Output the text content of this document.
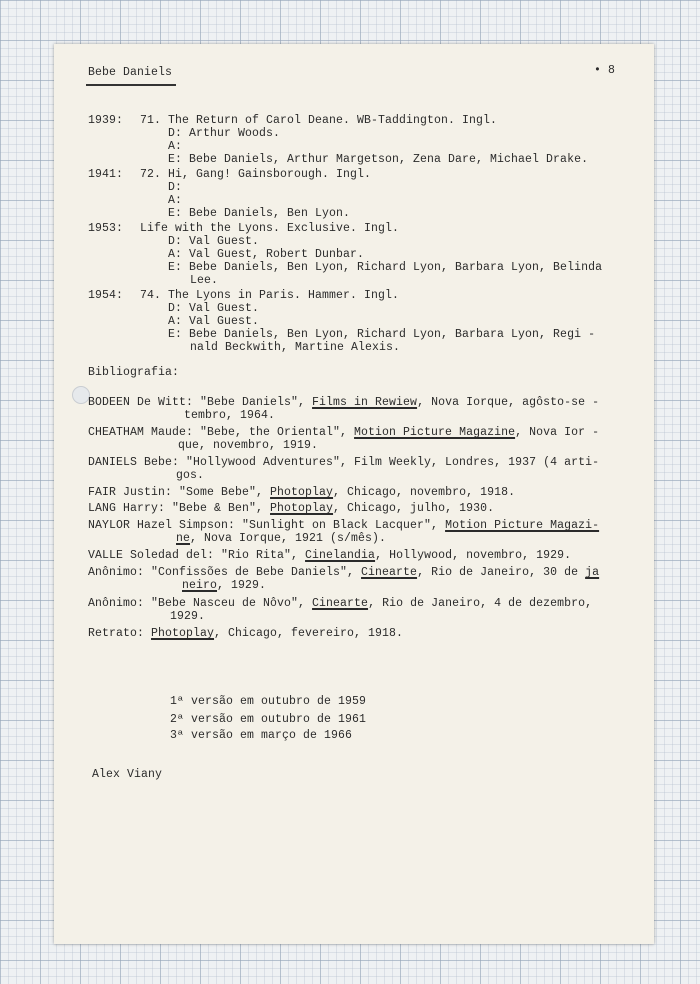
Bebe Daniels	• 8
1939: 71. The Return of Carol Deane. WB-Taddington. Ingl.
D: Arthur Woods.
A:
E: Bebe Daniels, Arthur Margetson, Zena Dare, Michael Drake.
1941: 72. Hi, Gang! Gainsborough. Ingl.
D:
A:
E: Bebe Daniels, Ben Lyon.
1953: Life with the Lyons. Exclusive. Ingl.
D: Val Guest.
A: Val Guest, Robert Dunbar.
E: Bebe Daniels, Ben Lyon, Richard Lyon, Barbara Lyon, Belinda
Lee.
1954: 74. The Lyons in Paris. Hammer. Ingl.
D: Val Guest.
A: Val Guest.
E: Bebe Daniels, Ben Lyon, Richard Lyon, Barbara Lyon, Regi -
nald Beckwith, Martine Alexis.
Bibliografia:
BODEEN De Witt: "Bebe Daniels", Films in Rewiew, Nova Iorque, agôsto-se -
tembro, 1964.
CHEATHAM Maude: "Bebe, the Oriental", Motion Picture Magazine, Nova Ior -
que, novembro, 1919.
DANIELS Bebe: "Hollywood Adventures", Film Weekly, Londres, 1937 (4 arti-
gos.
FAIR Justin: "Some Bebe", Photoplay, Chicago, novembro, 1918.
LANG Harry: "Bebe & Ben", Photoplay, Chicago, julho, 1930.
NAYLOR Hazel Simpson: "Sunlight on Black Lacquer", Motion Picture Magazi-
ne, Nova Iorque, 1921 (s/mês).
VALLE Soledad del: "Rio Rita", Cinelandia, Hollywood, novembro, 1929.
Anônimo: "Confissões de Bebe Daniels", Cinearte, Rio de Janeiro, 30 de ja
neiro, 1929.
Anônimo: "Bebe Nasceu de Nôvo", Cinearte, Rio de Janeiro, 4 de dezembro,
1929.
Retrato: Photoplay, Chicago, fevereiro, 1918.
1ª versão em outubro de 1959
2ª versão em outubro de 1961
3ª versão em março de 1966
Alex Viany
